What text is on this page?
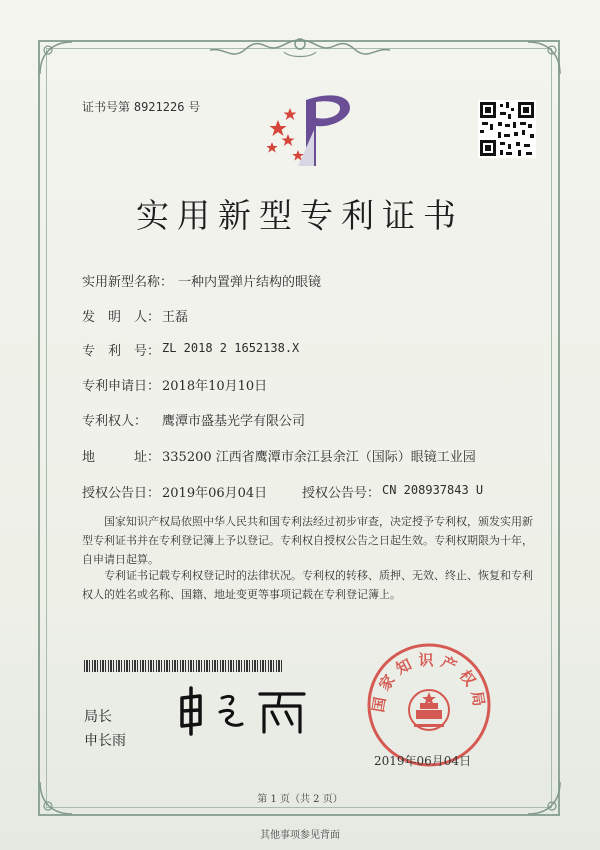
证书号第 8921226 号
实用新型专利证书
实用新型名称： 一种内置弹片结构的眼镜
发　明　人： 王磊
专　利　号： ZL 2018 2 1652138.X
专利申请日： 2018年10月10日
专利权人： 鹰潭市盛基光学有限公司
地　　　址： 335200 江西省鹰潭市余江县余江（国际）眼镜工业园
授权公告日： 2019年06月04日	授权公告号： CN 208937843 U
国家知识产权局依照中华人民共和国专利法经过初步审查，决定授予专利权，颁发实用新型专利证书并在专利登记簿上予以登记。专利权自授权公告之日起生效。专利权期限为十年，自申请日起算。
专利证书记载专利权登记时的法律状况。专利权的转移、质押、无效、终止、恢复和专利权人的姓名或名称、国籍、地址变更等事项记载在专利登记簿上。
局长
申长雨
国家知识产权局
2019年06月04日
第 1 页（共 2 页）
其他事项参见背面
